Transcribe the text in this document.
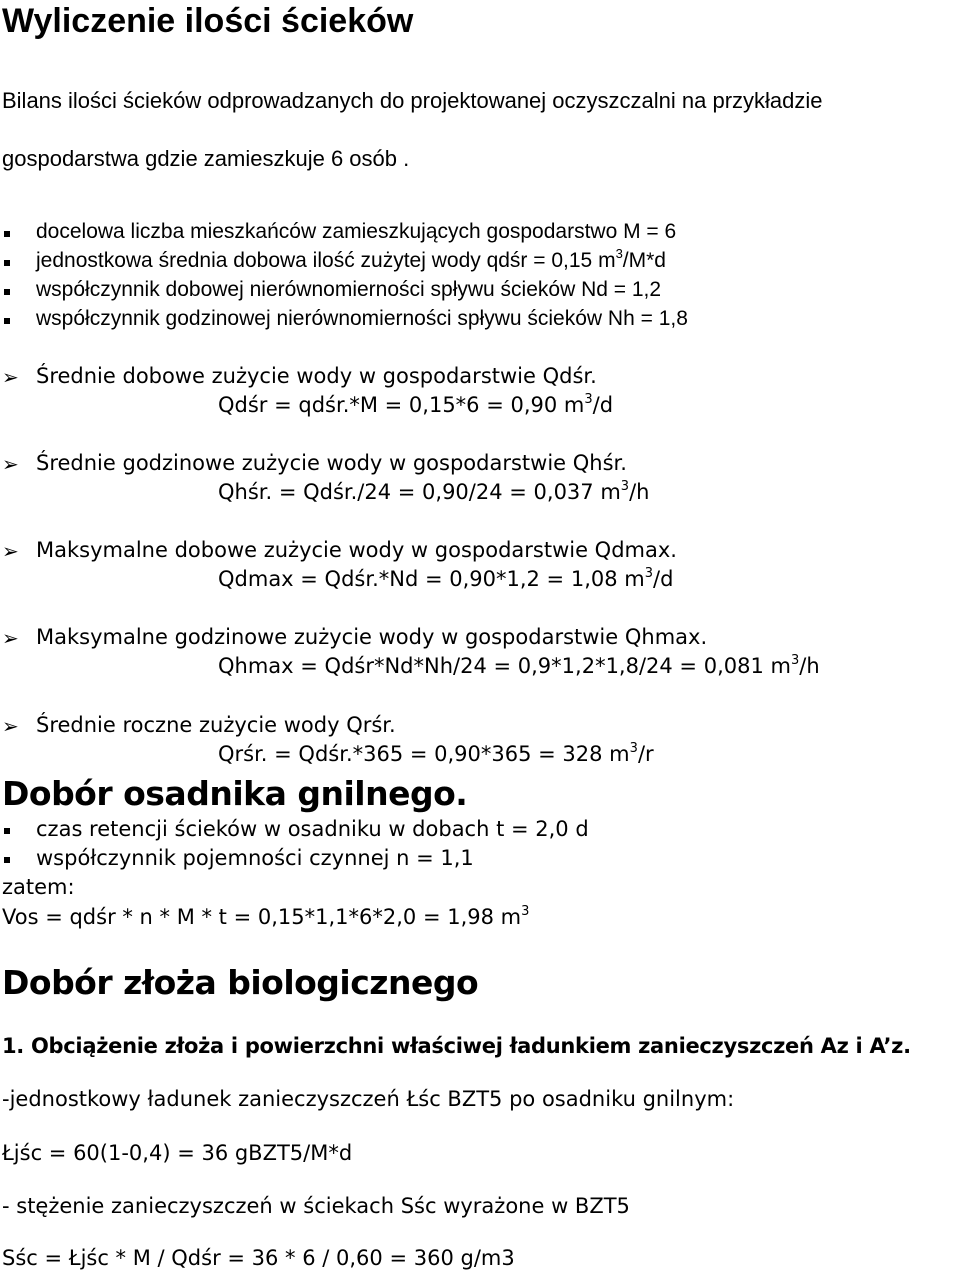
Wyliczenie ilości ścieków
Bilans ilości ścieków odprowadzanych do projektowanej oczyszczalni na przykładzie
gospodarstwa gdzie zamieszkuje 6 osób .
docelowa liczba mieszkańców zamieszkujących gospodarstwo M = 6
jednostkowa średnia dobowa ilość zużytej wody qdśr = 0,15 $m^3/M*d$
współczynnik dobowej nierównomierności spływu ścieków Nd = 1,2
współczynnik godzinowej nierównomierności spływu ścieków Nh = 1,8
➢ Średnie dobowe zużycie wody w gospodarstwie Qdśr.
Qdśr = qdśr.*M = 0,15*6 = 0,90 $m^3/d$
➢ Średnie godzinowe zużycie wody w gospodarstwie Qhśr.
Qhśr. = Qdśr./24 = 0,90/24 = 0,037 $m^3/h$
➢ Maksymalne dobowe zużycie wody w gospodarstwie Qdmax.
Qdmax = Qdśr.*Nd = 0,90*1,2 = 1,08 $m^3/d$
➢ Maksymalne godzinowe zużycie wody w gospodarstwie Qhmax.
Qhmax = Qdśr*Nd*Nh/24 = 0,9*1,2*1,8/24 = 0,081 $m^3/h$
➢ Średnie roczne zużycie wody Qrśr.
Qrśr. = Qdśr.*365 = 0,90*365 = 328 $m^3/r$
Dobór osadnika gnilnego.
czas retencji ścieków w osadniku w dobach t = 2,0 d
współczynnik pojemności czynnej n = 1,1
zatem:
Vos = qdśr * n * M * t = 0,15*1,1*6*2,0 = 1,98 $m^3$
Dobór złoża biologicznego
1. Obciążenie złoża i powierzchni właściwej ładunkiem zanieczyszczeń Az i A’z.
-jednostkowy ładunek zanieczyszczeń Łśc BZT5 po osadniku gnilnym:
Łjśc = 60(1-0,4) = 36 gBZT5/M*d
- stężenie zanieczyszczeń w ściekach Sśc wyrażone w BZT5
Sśc = Łjśc * M / Qdśr = 36 * 6 / 0,60 = 360 g/m3
